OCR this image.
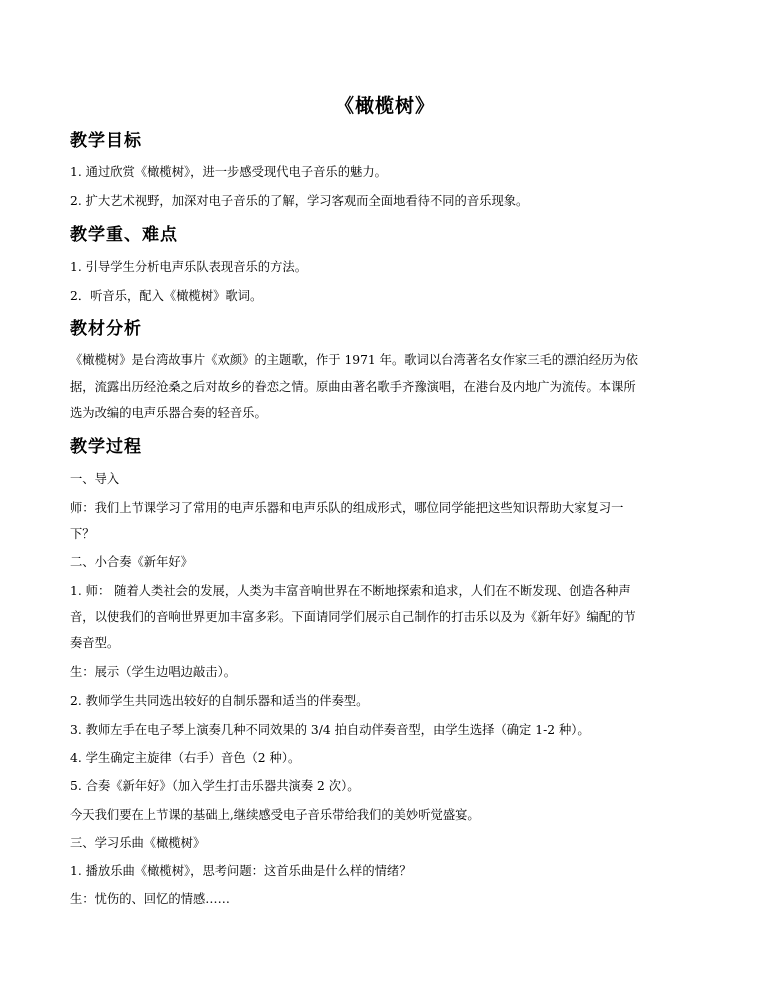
《橄榄树》
教学目标
1. 通过欣赏《橄榄树》，进一步感受现代电子音乐的魅力。
2. 扩大艺术视野，加深对电子音乐的了解，学习客观而全面地看待不同的音乐现象。
教学重、难点
1. 引导学生分析电声乐队表现音乐的方法。
2．听音乐，配入《橄榄树》歌词。
教材分析
《橄榄树》是台湾故事片《欢颜》的主题歌，作于 1971 年。歌词以台湾著名女作家三毛的漂泊经历为依
据，流露出历经沧桑之后对故乡的眷恋之情。原曲由著名歌手齐豫演唱，在港台及内地广为流传。本课所
选为改编的电声乐器合奏的轻音乐。
教学过程
一、导入
师：我们上节课学习了常用的电声乐器和电声乐队的组成形式，哪位同学能把这些知识帮助大家复习一
下？
二、小合奏《新年好》
1. 师： 随着人类社会的发展，人类为丰富音响世界在不断地探索和追求，人们在不断发现、创造各种声
音，以使我们的音响世界更加丰富多彩。下面请同学们展示自己制作的打击乐以及为《新年好》编配的节
奏音型。
生：展示（学生边唱边敲击）。
2. 教师学生共同选出较好的自制乐器和适当的伴奏型。
3. 教师左手在电子琴上演奏几种不同效果的 3/4 拍自动伴奏音型，由学生选择（确定 1-2 种）。
4. 学生确定主旋律（右手）音色（2 种）。
5. 合奏《新年好》（加入学生打击乐器共演奏 2 次）。
今天我们要在上节课的基础上,继续感受电子音乐带给我们的美妙听觉盛宴。
三、学习乐曲《橄榄树》
1. 播放乐曲《橄榄树》，思考问题：这首乐曲是什么样的情绪？
生：忧伤的、回忆的情感……
